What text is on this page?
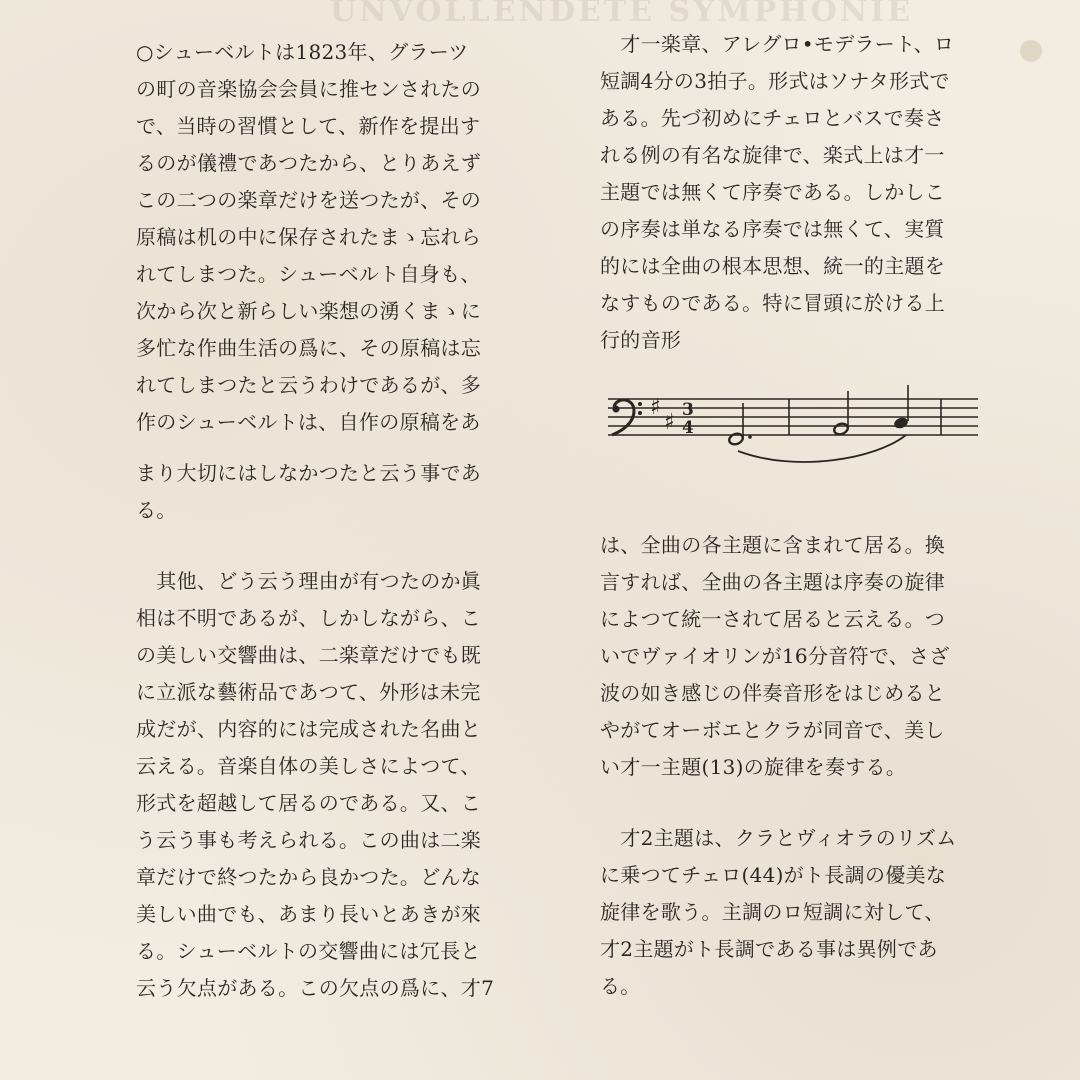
UNVOLLENDETE SYMPHONIE
○シューベルトは1823年、グラーツ
の町の音楽協会会員に推センされたの
で、当時の習慣として、新作を提出す
るのが儀禮であつたから、とりあえず
この二つの楽章だけを送つたが、その
原稿は机の中に保存されたまゝ忘れら
れてしまつた。シューベルト自身も、
次から次と新らしい楽想の湧くまゝに
多忙な作曲生活の爲に、その原稿は忘
れてしまつたと云うわけであるが、多
作のシューベルトは、自作の原稿をあ
まり大切にはしなかつたと云う事であ
る。
　其他、どう云う理由が有つたのか眞
相は不明であるが、しかしながら、こ
の美しい交響曲は、二楽章だけでも既
に立派な藝術品であつて、外形は未完
成だが、内容的には完成された名曲と
云える。音楽自体の美しさによつて、
形式を超越して居るのである。又、こ
う云う事も考えられる。この曲は二楽
章だけで終つたから良かつた。どんな
美しい曲でも、あまり長いとあきが來
る。シューベルトの交響曲には冗長と
云う欠点がある。この欠点の爲に、才7
　才一楽章、アレグロ•モデラート、ロ
短調4分の3拍子。形式はソナタ形式で
ある。先づ初めにチェロとバスで奏さ
れる例の有名な旋律で、楽式上は才一
主題では無くて序奏である。しかしこ
の序奏は単なる序奏では無くて、実質
的には全曲の根本思想、統一的主題を
なすものである。特に冒頭に於ける上
行的音形
♯
♯ 3
4
は、全曲の各主題に含まれて居る。換
言すれば、全曲の各主題は序奏の旋律
によつて統一されて居ると云える。つ
いでヴァイオリンが16分音符で、さざ
波の如き感じの伴奏音形をはじめると
やがてオーボエとクラが同音で、美し
い才一主題(13)の旋律を奏する。
　才2主題は、クラとヴィオラのリズム
に乗つてチェロ(44)がト長調の優美な
旋律を歌う。主調のロ短調に対して、
才2主題がト長調である事は異例であ
る。
